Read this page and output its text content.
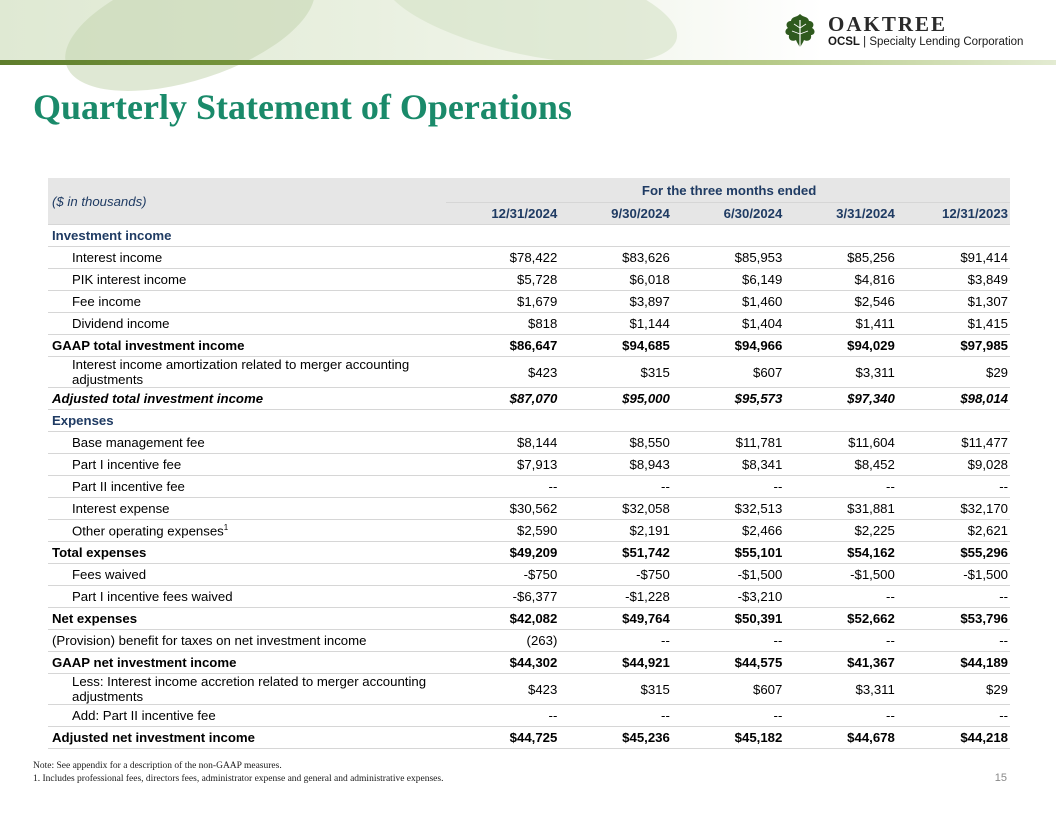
OAKTREE
OCSL | Specialty Lending Corporation
Quarterly Statement of Operations
($ in thousands)	For the three months ended				
	12/31/2024	9/30/2024	6/30/2024	3/31/2024	12/31/2023
Investment income					
Interest income	$78,422	$83,626	$85,953	$85,256	$91,414
PIK interest income	$5,728	$6,018	$6,149	$4,816	$3,849
Fee income	$1,679	$3,897	$1,460	$2,546	$1,307
Dividend income	$818	$1,144	$1,404	$1,411	$1,415
GAAP total investment income	$86,647	$94,685	$94,966	$94,029	$97,985
Interest income amortization related to merger accounting adjustments	$423	$315	$607	$3,311	$29
Adjusted total investment income	$87,070	$95,000	$95,573	$97,340	$98,014
Expenses					
Base management fee	$8,144	$8,550	$11,781	$11,604	$11,477
Part I incentive fee	$7,913	$8,943	$8,341	$8,452	$9,028
Part II incentive fee	--	--	--	--	--
Interest expense	$30,562	$32,058	$32,513	$31,881	$32,170
Other operating expenses$^1$	$2,590	$2,191	$2,466	$2,225	$2,621
Total expenses	$49,209	$51,742	$55,101	$54,162	$55,296
Fees waived	-$750	-$750	-$1,500	-$1,500	-$1,500
Part I incentive fees waived	-$6,377	-$1,228	-$3,210	--	--
Net expenses	$42,082	$49,764	$50,391	$52,662	$53,796
(Provision) benefit for taxes on net investment income	(263)	--	--	--	--
GAAP net investment income	$44,302	$44,921	$44,575	$41,367	$44,189
Less: Interest income accretion related to merger accounting adjustments	$423	$315	$607	$3,311	$29
Add: Part II incentive fee	--	--	--	--	--
Adjusted net investment income	$44,725	$45,236	$45,182	$44,678	$44,218
Note: See appendix for a description of the non-GAAP measures.
1. Includes professional fees, directors fees, administrator expense and general and administrative expenses.	15
